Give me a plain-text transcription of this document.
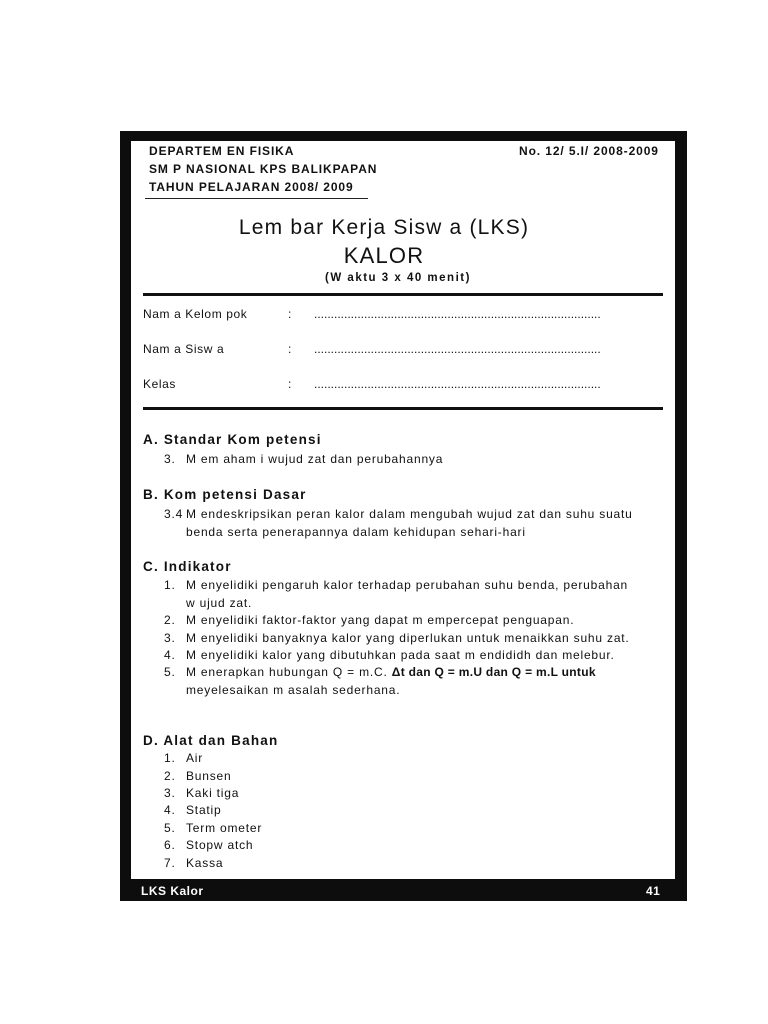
DEPARTEM EN FISIKA
SM P NASIONAL KPS BALIKPAPAN
TAHUN PELAJARAN 2008/ 2009
No. 12/ 5.I/ 2008-2009
Lem bar Kerja Sisw a (LKS)
KALOR
(W aktu 3 x 40 menit)
Nam a Kelom pok	: ......................................................................................
Nam a Sisw a	: ......................................................................................
Kelas	: ......................................................................................
A. Standar Kom petensi
3. M em aham i wujud zat dan perubahannya
B. Kom petensi Dasar
3.4 M endeskripsikan peran kalor dalam mengubah wujud zat dan suhu suatu
benda serta penerapannya dalam kehidupan sehari-hari
C. Indikator
1. M enyelidiki pengaruh kalor terhadap perubahan suhu benda, perubahan
w ujud zat.
2. M enyelidiki faktor-faktor yang dapat m empercepat penguapan.
3. M enyelidiki banyaknya kalor yang diperlukan untuk menaikkan suhu zat.
4. M enyelidiki kalor yang dibutuhkan pada saat m endididh dan melebur.
5. M enerapkan hubungan Q = m.C. Δt dan Q = m.U dan Q = m.L untuk
meyelesaikan m asalah sederhana.
D. Alat dan Bahan
1. Air
2. Bunsen
3. Kaki tiga
4. Statip
5. Term ometer
6. Stopw atch
7. Kassa
LKS Kalor	41
